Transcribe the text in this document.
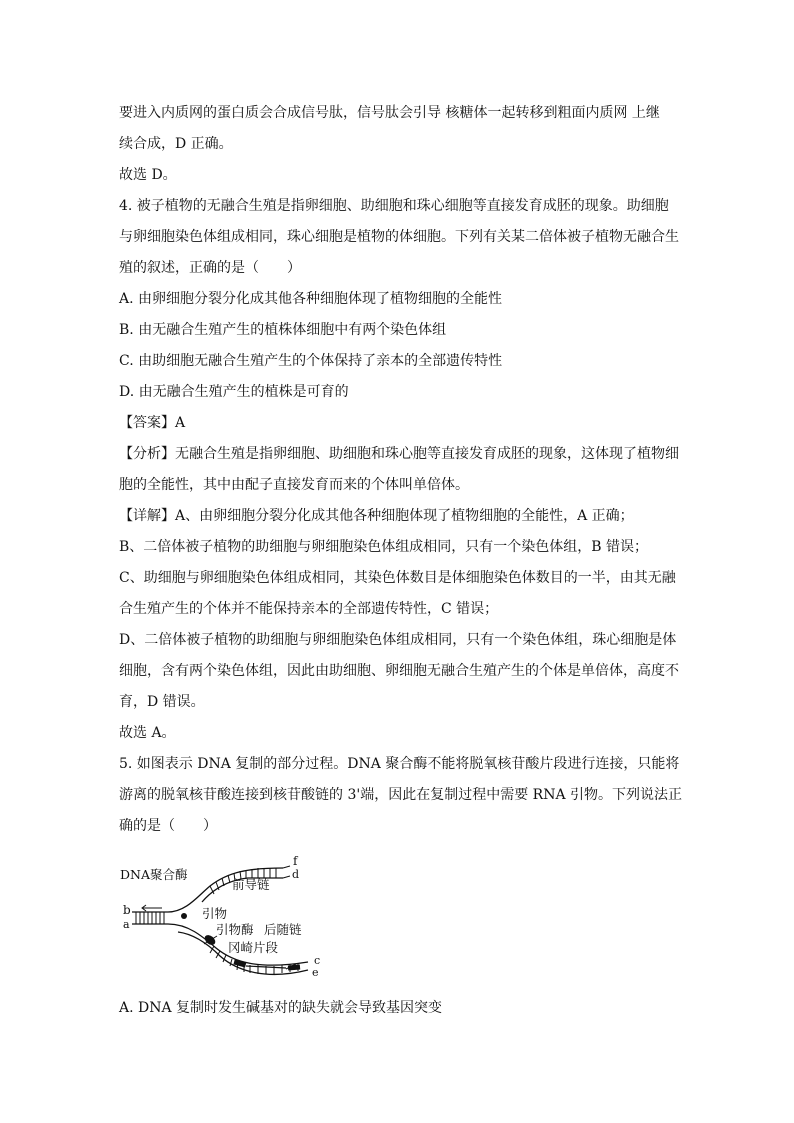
要进入内质网的蛋白质会合成信号肽，信号肽会引导 核糖体一起转移到粗面内质网 上继
续合成，D 正确。
故选 D。
4. 被子植物的无融合生殖是指卵细胞、助细胞和珠心细胞等直接发育成胚的现象。助细胞
与卵细胞染色体组成相同，珠心细胞是植物的体细胞。下列有关某二倍体被子植物无融合生
殖的叙述，正确的是（　　）
A. 由卵细胞分裂分化成其他各种细胞体现了植物细胞的全能性
B. 由无融合生殖产生的植株体细胞中有两个染色体组
C. 由助细胞无融合生殖产生的个体保持了亲本的全部遗传特性
D. 由无融合生殖产生的植株是可育的
【答案】A
【分析】无融合生殖是指卵细胞、助细胞和珠心胞等直接发育成胚的现象，这体现了植物细
胞的全能性，其中由配子直接发育而来的个体叫单倍体。
【详解】A、由卵细胞分裂分化成其他各种细胞体现了植物细胞的全能性，A 正确；
B、二倍体被子植物的助细胞与卵细胞染色体组成相同，只有一个染色体组，B 错误；
C、助细胞与卵细胞染色体组成相同，其染色体数目是体细胞染色体数目的一半，由其无融
合生殖产生的个体并不能保持亲本的全部遗传特性，C 错误；
D、二倍体被子植物的助细胞与卵细胞染色体组成相同，只有一个染色体组，珠心细胞是体
细胞，含有两个染色体组，因此由助细胞、卵细胞无融合生殖产生的个体是单倍体，高度不
育，D 错误。
故选 A。
5. 如图表示 DNA 复制的部分过程。DNA 聚合酶不能将脱氧核苷酸片段进行连接，只能将
游离的脱氧核苷酸连接到核苷酸链的 3'端，因此在复制过程中需要 RNA 引物。下列说法正
确的是（　　）
DNA聚合酶
前导链
引物
引物酶 后随链
冈崎片段
b
a
f
d
c
e
A. DNA 复制时发生碱基对的缺失就会导致基因突变
